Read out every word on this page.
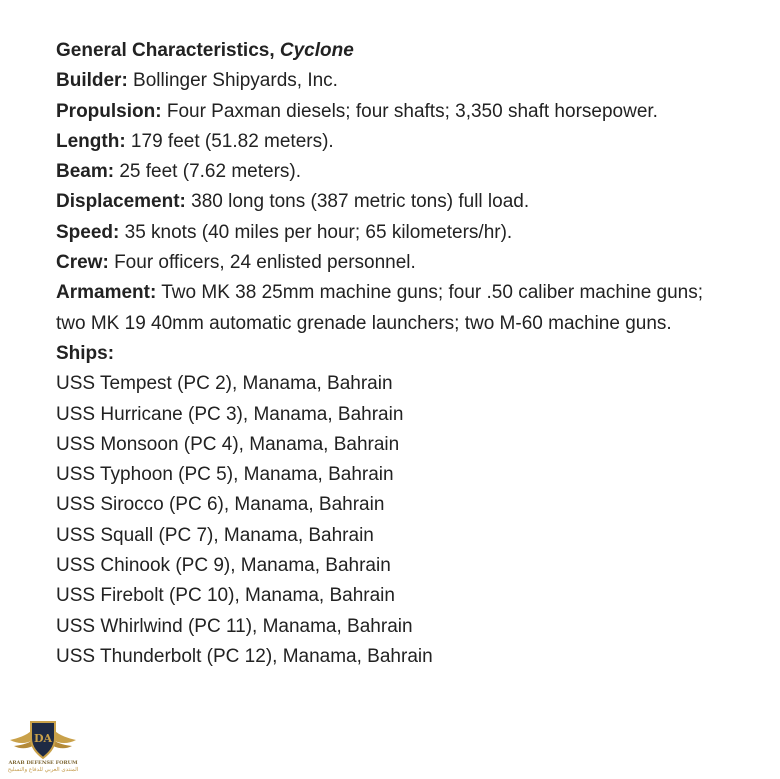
General Characteristics, Cyclone

Builder: Bollinger Shipyards, Inc.

Propulsion: Four Paxman diesels; four shafts; 3,350 shaft horsepower.

Length: 179 feet (51.82 meters).

Beam: 25 feet (7.62 meters).

Displacement: 380 long tons (387 metric tons) full load.

Speed: 35 knots (40 miles per hour; 65 kilometers/hr).

Crew: Four officers, 24 enlisted personnel.

Armament: Two MK 38 25mm machine guns; four .50 caliber machine guns; two MK 19 40mm automatic grenade launchers; two M-60 machine guns.

Ships:

USS Tempest (PC 2), Manama, Bahrain

USS Hurricane (PC 3), Manama, Bahrain

USS Monsoon (PC 4), Manama, Bahrain

USS Typhoon (PC 5), Manama, Bahrain

USS Sirocco (PC 6), Manama, Bahrain

USS Squall (PC 7), Manama, Bahrain

USS Chinook (PC 9), Manama, Bahrain

USS Firebolt (PC 10), Manama, Bahrain

USS Whirlwind (PC 11), Manama, Bahrain

USS Thunderbolt (PC 12), Manama, Bahrain

DA
ARAB DEFENSE FORUM
المنتدى العربي للدفاع والتسليح
